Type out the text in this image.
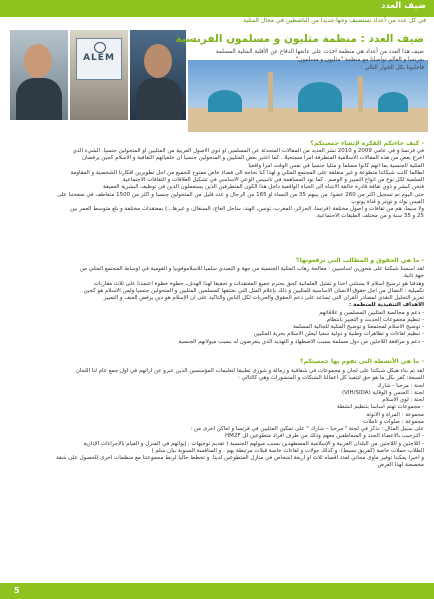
ضيف العدد
في كل عدد من أعداد نستضيف وجها جديدا من الناشطين في مجال المثلية
ALEM
ضيف العدد : منظمة مثليون و مسلمون الفرنسية
ضيف هذا العدد من أعداد هي منظمة اخذت على عاتقها الدفاع عن الأقلية المثلية المسلمة بفرنسا و العالم تواصلنا مع منظمة "مثليون و مسلمون"
فأجابونا بكل الحوار التالي :
- كيف جاءتكم الفكرة لإنشاء جمعيتكم؟
في فرنسا و في عامي 2009 و 2010 نشر العديد من المقالات المتحدثة عن المسلمين او ذوي الاصول العربية من المثليين او المتحولين جنسيا. الشيء الذي
اخرج بعض من هذه المقالات الاسلامية المتطرفة أمرا مستحيلا . كما اعتبر بعض المثليين و المتحولين جنسيا ان خلفياتهم الثقافية و الاسلام كجين يرفضان
المثلية الجنسية بما انهم كانوا مسلما و مثليا جنسيا في نفس الوقت أمرا واقعيا
لطالما كانت شبكاتنا متطوعة و غير منغلقة على المجتمع المثلي و لهذا كنا نحاجة الى فضاء خاص مفتوح للجميع من اجل تطويرين أفكارنا الشخصية و المقاومة
السلمية لكل نوع من انواع التمييز و الوصم . كما نود المساهمة في تأسيس الوعي الأساسي في تشكيل العلاقات و الثقافات الاجتماعية
فنحن كبشر و ذوي ثقافة قادرة خالقة الانتباه الى الحياة الواقعية داخل هذا الكون المتطرفين الذين يستعملون الدين في توظيف البشرية العميقة
حتى اليوم تم تسجيل أكثر من 260 عضوا. من بينهم 35 من النساء أو 165 من الرجال و عدد قليل من المتحولين جنسيا و أكثر من 1500 متعاطف في صفحتنا على
الفيس بوك و تويتر و قناة يوتوب
ولا سيما، هم من ثقافات و أصول مختلفة (فرنسا، الجزائر، المغرب، تونس، الهند، ساحل العاج، السنغال، و غيرها...) بمعتقدات مختلفة و بلغ متوسط العمر بين
25 و 35 سنة و من مختلف الطبقات الاجتماعية.
- ما هي الحقوق و المطالب التي ترفعونها؟
لقد أسسنا شبكتنا على محورين أساسيين : معالجة رهاب المثلية الجنسية من جهة و التصدي سلميا للاسلاموفوبيا و القومية في أوساط المجتمع المثلي من
جهة ثانية.
وهدفنا هو ترسيخ اسلام لا يستثني احدا و تمثيل العلمانية كحق يحترم جميع المعتقدات و تحقيقا لهذا الهدف، خطوة خطوة اعتمدنا على ثلاث مقاربات
تكميلية : النضال من اجل حقوق الانسان الاساسية للمثليين و ذلك بإعلام المثل التي نعتنقها كمسلمين المثليين و المتحولين جنسيا ولمن الاسلام هو كجين
تعزيز التحليل النقدي لمصادر القرآن التي تساعد على دعم الحقوق والحريات لكل الناس والتأكيد على ان الإسلام هو دين يرفض العنف و التمييز
الاهداف التنفيذية للمنظمة :
- دعم و مجالسة المثليين المسلمين و علاقاتهم
- تنظيم مجموعات الحديث و التعبير بانتظام
- توضيح الاسلام لمجتمعنا و توضيح المثلية للجالية المسلمة
- تنظيم لقاءات و تظاهرات وطنية و دولية سعيا ليعلن الاسلام بحرية المثليين
- دعم و مرافقة اللاجئين من دول مسلمة بسبب الاضطهاد و التهديد الذي يتعرضون له بسبب ميولاتهم الجنسية
- ما هي الأنشطة التي تقوم بها جمعيتكم؟
لقد تم بناء هيكل شبكتنا على لجان و مجموعات في شفافية و زمالة و شورى تطبيقا لتعليمات المؤسسين الذين عبرو عن ارائهم في أول جمع عام لنا اللجان
السبعة: كفر بكل ما هو حق لتنفيذ كل اعمالنا الشبكات و المنشورات وهي كالتالي :
لجنة : مرحبا - شارك
لجنة : الجنس و الوقاية (VIH/SIDA)
لجنة : لوي الاسلام
- مجموعات تهتم أساسا بتنظيم أنشطة
مجموعة : المرأة و الأنوثة
مجموعة : صلوات و تأملات
على سبيل المثال : نذكر في لجنة " مرحبا – شارك " على تمكين المثليين في فرنسا و أماكن اخرى من :
- الترحيب بالاعضاء الجدد و المتعاطفين معهم وذلك من طرف أفراد متطوعين لل HM2F
- اللاجئين و اللاجئين من البلدان العربية و الإسلامية المضطهدين بسبب ميولهم الجنسية ( تقديم توجيهات , إيوائهم في المنزل و القيام بالإجراءات الإدارية
الطلاب حملات خاصة (كفريق نسيط). و كذلك جولات و لقاءات خاصة قبلات مرتبطة بهم . و المنافسة السنوية بيان سلم )
و أخيرا يمكننا توفير مأوى مجاني لعدد أقصاه ثلاث أو أربعة أشخاص في منازل المتطوعين لدينا. و تخطط حاليا لربط مجموعتنا مع منظمات اخرى للحصول على شقة
مخصصة لهذا الغرض
5
